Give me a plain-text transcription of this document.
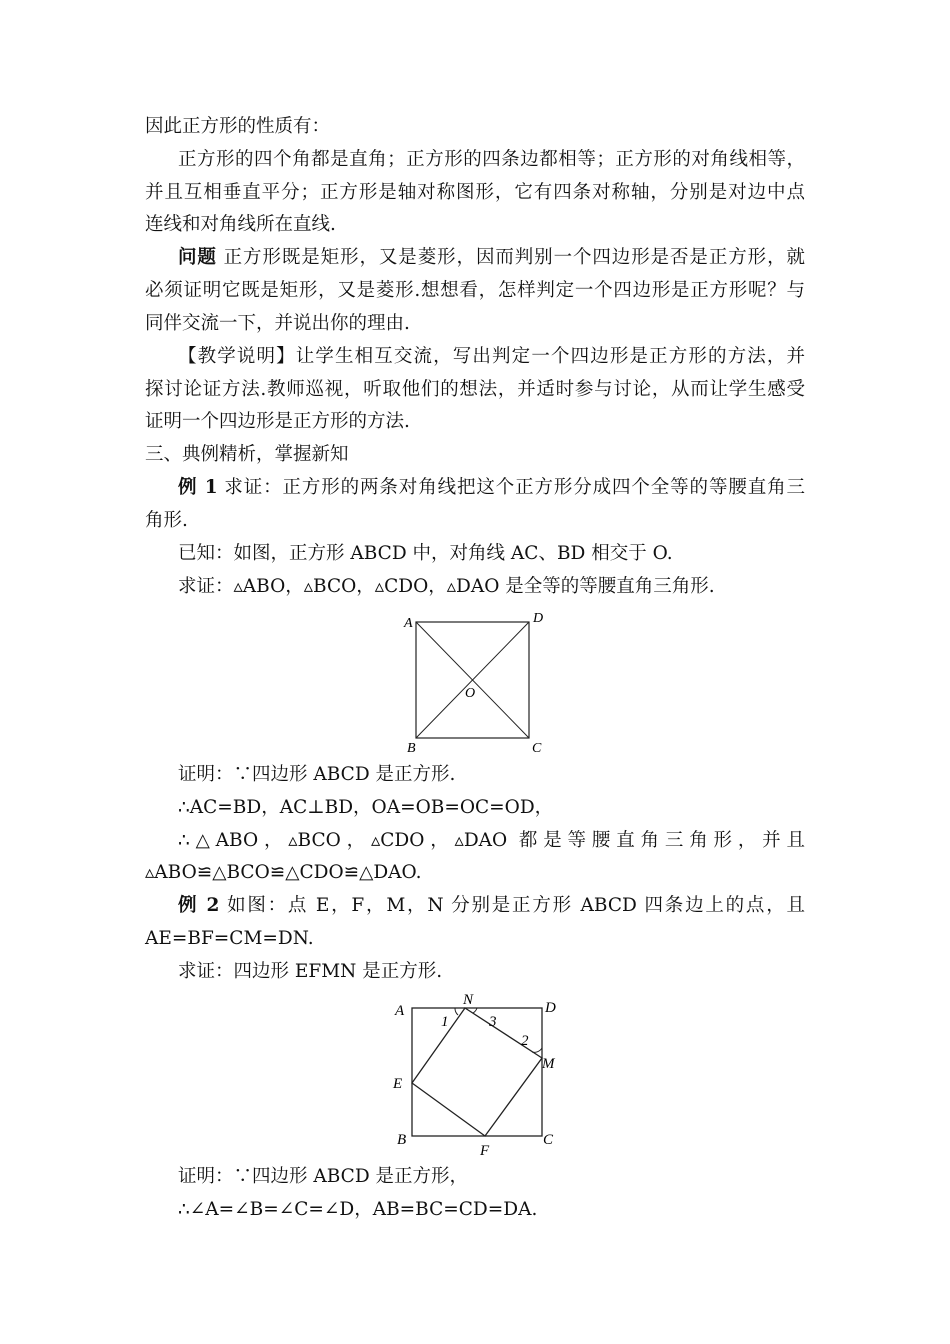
因此正方形的性质有：
正方形的四个角都是直角；正方形的四条边都相等；正方形的对角线相等，
并且互相垂直平分；正方形是轴对称图形，它有四条对称轴，分别是对边中点
连线和对角线所在直线.
问题 正方形既是矩形，又是菱形，因而判别一个四边形是否是正方形，就
必须证明它既是矩形，又是菱形.想想看，怎样判定一个四边形是正方形呢？与
同伴交流一下，并说出你的理由.
【教学说明】让学生相互交流，写出判定一个四边形是正方形的方法，并
探讨论证方法.教师巡视，听取他们的想法，并适时参与讨论，从而让学生感受
证明一个四边形是正方形的方法.
三、典例精析，掌握新知
例 1 求证：正方形的两条对角线把这个正方形分成四个全等的等腰直角三
角形.
已知：如图，正方形 ABCD 中，对角线 AC、BD 相交于 O.
求证：▵ABO，▵BCO，▵CDO，▵DAO 是全等的等腰直角三角形.
A	D
B	C
O
证明：∵四边形 ABCD 是正方形.
∴AC=BD，AC⊥BD，OA=OB=OC=OD，
∴△ABO，▵BCO，▵CDO，▵DAO 都是等腰直角三角形，并且
▵ABO≌△BCO≌△CDO≌△DAO.
例 2 如图：点 E，F，M，N 分别是正方形 ABCD 四条边上的点，且
AE=BF=CM=DN.
求证：四边形 EFMN 是正方形.
A	D
B	C
E
F
M
N
1
2
3
证明：∵四边形 ABCD 是正方形，
∴∠A=∠B=∠C=∠D，AB=BC=CD=DA.
